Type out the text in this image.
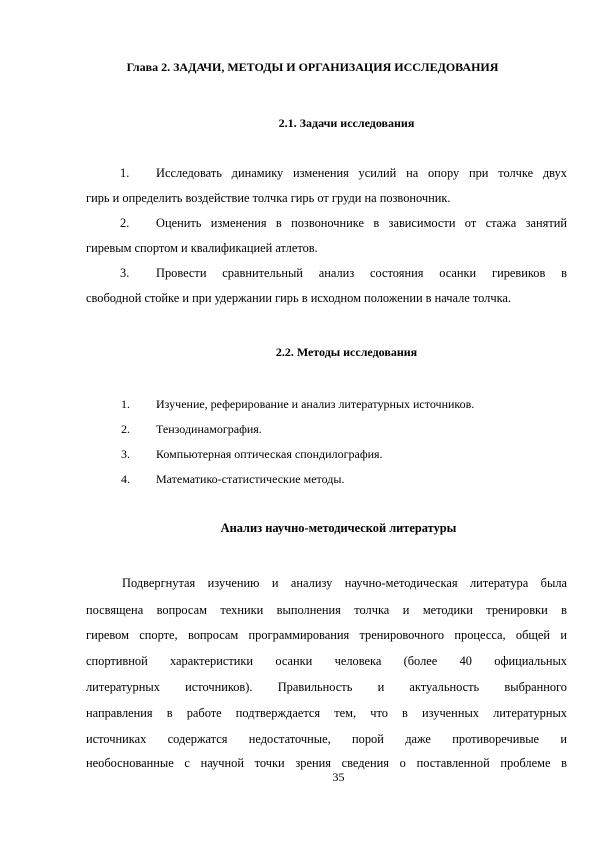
Глава 2. ЗАДАЧИ, МЕТОДЫ И ОРГАНИЗАЦИЯ ИССЛЕДОВАНИЯ
2.1. Задачи исследования
1. Исследовать динамику изменения усилий на опору при толчке двух
гирь и определить воздействие толчка гирь от груди на позвоночник.
2. Оценить изменения в позвоночнике в зависимости от стажа занятий
гиревым спортом и квалификацией атлетов.
3. Провести сравнительный анализ состояния осанки гиревиков в
свободной стойке и при удержании гирь в исходном положении в начале толчка.
2.2. Методы исследования
1. Изучение, реферирование и анализ литературных источников.
2. Тензодинамография.
3. Компьютерная оптическая спондилография.
4. Математико-статистические методы.
Анализ научно-методической литературы
Подвергнутая изучению и анализу научно-методическая литература была
посвящена вопросам техники выполнения толчка и методики тренировки в
гиревом спорте, вопросам программирования тренировочного процесса, общей и
спортивной характеристики осанки человека (более 40 официальных
литературных источников). Правильность и актуальность выбранного
направления в работе подтверждается тем, что в изученных литературных
источниках содержатся недостаточные, порой даже противоречивые и
необоснованные с научной точки зрения сведения о поставленной проблеме в
35
